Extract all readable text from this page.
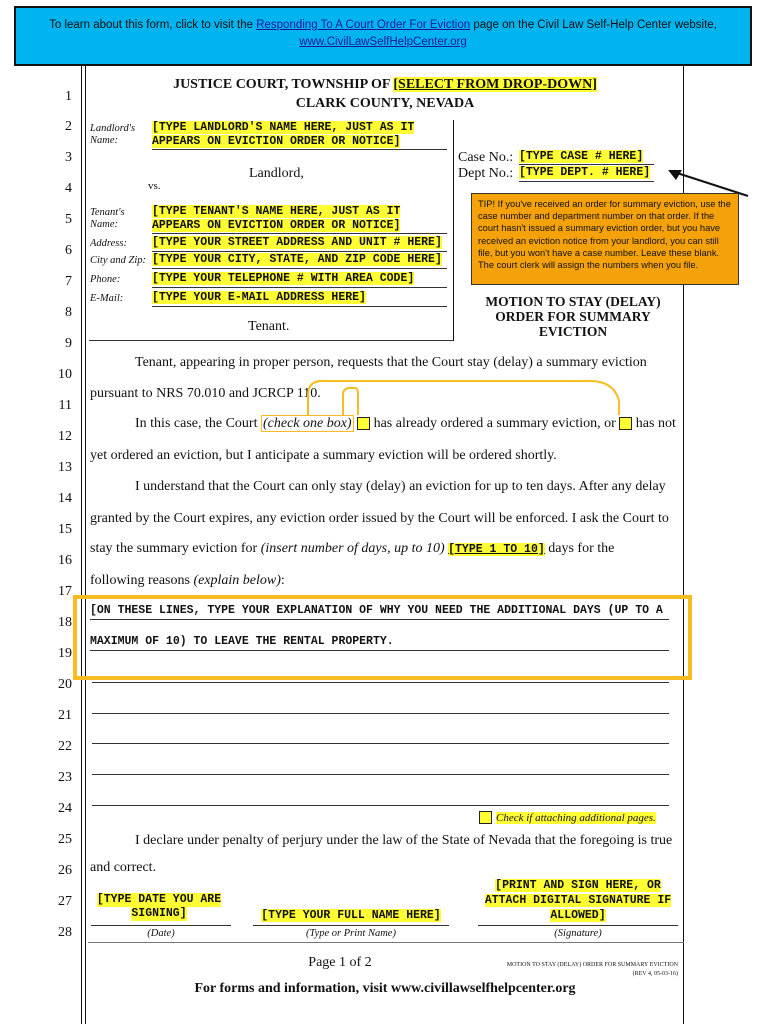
To learn about this form, click to visit the Responding To A Court Order For Eviction page on the Civil Law Self-Help Center website,
www.CivilLawSelfHelpCenter.org
1
2
3
4
5
6
7
8
9
10
11
12
13
14
15
16
17
18
19
20
21
22
23
24
25
26
27
28
JUSTICE COURT, TOWNSHIP OF [SELECT FROM DROP-DOWN]
CLARK COUNTY, NEVADA
Landlord's Name:
[TYPE LANDLORD'S NAME HERE, JUST AS IT
APPEARS ON EVICTION ORDER OR NOTICE]
Landlord,
vs.
Tenant's Name:
[TYPE TENANT'S NAME HERE, JUST AS IT
APPEARS ON EVICTION ORDER OR NOTICE]
Address: [TYPE YOUR STREET ADDRESS AND UNIT # HERE]
City and Zip: [TYPE YOUR CITY, STATE, AND ZIP CODE HERE]
Phone:	[TYPE YOUR TELEPHONE # WITH AREA CODE]
E-Mail:	[TYPE YOUR E-MAIL ADDRESS HERE]
Tenant.
Case No.: [TYPE CASE # HERE]
Dept No.: [TYPE DEPT. # HERE]
TIP! If you've received an order for summary eviction, use the case number and department number on that order. If the court hasn't issued a summary eviction order, but you have received an eviction notice from your landlord, you can still file, but you won't have a case number. Leave these blank. The court clerk will assign the numbers when you file.
MOTION TO STAY (DELAY)
ORDER FOR SUMMARY
EVICTION
Tenant, appearing in proper person, requests that the Court stay (delay) a summary eviction
pursuant to NRS 70.010 and JCRCP 110.
In this case, the Court (check one box)  has already ordered a summary eviction, or  has not
yet ordered an eviction, but I anticipate a summary eviction will be ordered shortly.
I understand that the Court can only stay (delay) an eviction for up to ten days. After any delay
granted by the Court expires, any eviction order issued by the Court will be enforced. I ask the Court to
stay the summary eviction for (insert number of days, up to 10) [TYPE 1 TO 10] days for the
following reasons (explain below):
[ON THESE LINES, TYPE YOUR EXPLANATION OF WHY YOU NEED THE ADDITIONAL DAYS (UP TO A
MAXIMUM OF 10) TO LEAVE THE RENTAL PROPERTY.
Check if attaching additional pages.
I declare under penalty of perjury under the law of the State of Nevada that the foregoing is true
and correct.
[TYPE DATE YOU ARE
SIGNING]
(Date)
[TYPE YOUR FULL NAME HERE]
(Type or Print Name)
[PRINT AND SIGN HERE, OR
ATTACH DIGITAL SIGNATURE IF
ALLOWED]
(Signature)
Page 1 of 2	MOTION TO STAY (DELAY) ORDER FOR SUMMARY EVICTION
(REV 4, 05-03-16)
For forms and information, visit www.civillawselfhelpcenter.org
